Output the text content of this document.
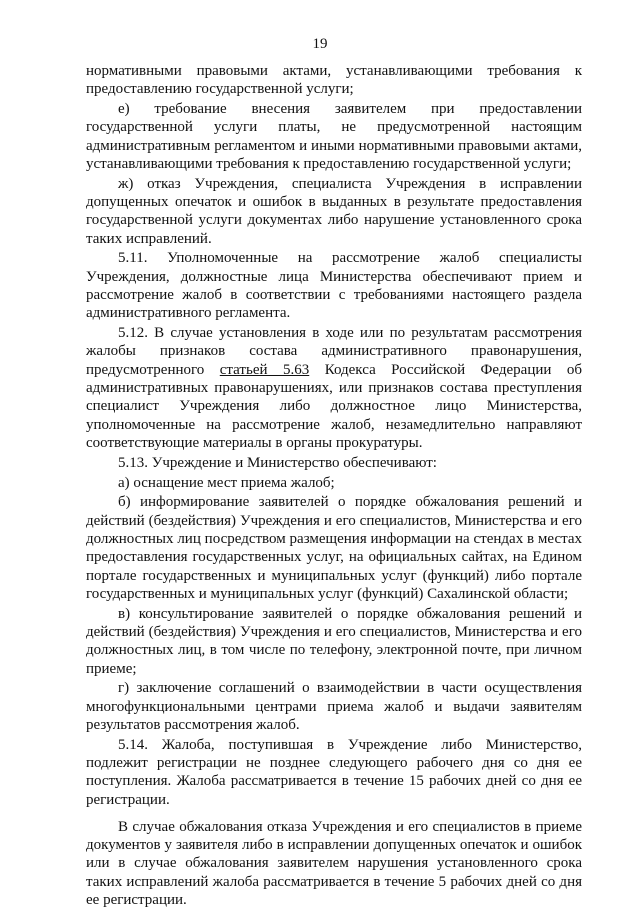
19

нормативными правовыми актами, устанавливающими требования к предоставлению государственной услуги;

е) требование внесения заявителем при предоставлении государственной услуги платы, не предусмотренной настоящим административным регламентом и иными нормативными правовыми актами, устанавливающими требования к предоставлению государственной услуги;

ж) отказ Учреждения, специалиста Учреждения в исправлении допущенных опечаток и ошибок в выданных в результате предоставления государственной услуги документах либо нарушение установленного срока таких исправлений.

5.11. Уполномоченные на рассмотрение жалоб специалисты Учреждения, должностные лица Министерства обеспечивают прием и рассмотрение жалоб в соответствии с требованиями настоящего раздела административного регламента.

5.12. В случае установления в ходе или по результатам рассмотрения жалобы признаков состава административного правонарушения, предусмотренного статьей 5.63 Кодекса Российской Федерации об административных правонарушениях, или признаков состава преступления специалист Учреждения либо должностное лицо Министерства, уполномоченные на рассмотрение жалоб, незамедлительно направляют соответствующие материалы в органы прокуратуры.

5.13. Учреждение и Министерство обеспечивают:

а) оснащение мест приема жалоб;

б) информирование заявителей о порядке обжалования решений и действий (бездействия) Учреждения и его специалистов, Министерства и его должностных лиц посредством размещения информации на стендах в местах предоставления государственных услуг, на официальных сайтах, на Едином портале государственных и муниципальных услуг (функций) либо портале государственных и муниципальных услуг (функций) Сахалинской области;

в) консультирование заявителей о порядке обжалования решений и действий (бездействия) Учреждения и его специалистов, Министерства и его должностных лиц, в том числе по телефону, электронной почте, при личном приеме;

г) заключение соглашений о взаимодействии в части осуществления многофункциональными центрами приема жалоб и выдачи заявителям результатов рассмотрения жалоб.

5.14. Жалоба, поступившая в Учреждение либо Министерство, подлежит регистрации не позднее следующего рабочего дня со дня ее поступления. Жалоба рассматривается в течение 15 рабочих дней со дня ее регистрации.

В случае обжалования отказа Учреждения и его специалистов в приеме документов у заявителя либо в исправлении допущенных опечаток и ошибок или в случае обжалования заявителем нарушения установленного срока таких исправлений жалоба рассматривается в течение 5 рабочих дней со дня ее регистрации.
